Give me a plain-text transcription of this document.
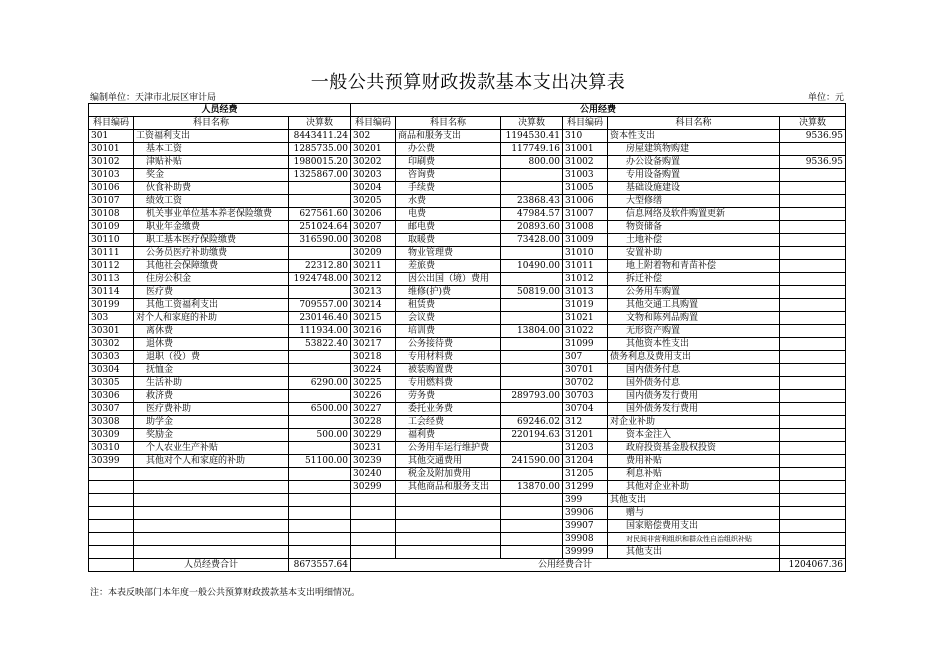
一般公共预算财政拨款基本支出决算表
编制单位：天津市北辰区审计局	单位：元
人员经费			公用经费					
科目编码	科目名称	决算数	科目编码	科目名称	决算数	科目编码	科目名称	决算数
301	工资福利支出	8443411.24	302	商品和服务支出	1194530.41	310	资本性支出	9536.95
30101	基本工资	1285735.00	30201	办公费	117749.16	31001	房屋建筑物购建	
30102	津贴补贴	1980015.20	30202	印刷费	800.00	31002	办公设备购置	9536.95
30103	奖金	1325867.00	30203	咨询费		31003	专用设备购置	
30106	伙食补助费		30204	手续费		31005	基础设施建设	
30107	绩效工资		30205	水费	23868.43	31006	大型修缮	
30108	机关事业单位基本养老保险缴费	627561.60	30206	电费	47984.57	31007	信息网络及软件购置更新	
30109	职业年金缴费	251024.64	30207	邮电费	20893.60	31008	物资储备	
30110	职工基本医疗保险缴费	316590.00	30208	取暖费	73428.00	31009	土地补偿	
30111	公务员医疗补助缴费		30209	物业管理费		31010	安置补助	
30112	其他社会保障缴费	22312.80	30211	差旅费	10490.00	31011	地上附着物和青苗补偿	
30113	住房公积金	1924748.00	30212	因公出国（境）费用		31012	拆迁补偿	
30114	医疗费		30213	维修(护)费	50819.00	31013	公务用车购置	
30199	其他工资福利支出	709557.00	30214	租赁费		31019	其他交通工具购置	
303	对个人和家庭的补助	230146.40	30215	会议费		31021	文物和陈列品购置	
30301	离休费	111934.00	30216	培训费	13804.00	31022	无形资产购置	
30302	退休费	53822.40	30217	公务接待费		31099	其他资本性支出	
30303	退职（役）费		30218	专用材料费		307	债务利息及费用支出	
30304	抚恤金		30224	被装购置费		30701	国内债务付息	
30305	生活补助	6290.00	30225	专用燃料费		30702	国外债务付息	
30306	救济费		30226	劳务费	289793.00	30703	国内债务发行费用	
30307	医疗费补助	6500.00	30227	委托业务费		30704	国外债务发行费用	
30308	助学金		30228	工会经费	69246.02	312	对企业补助	
30309	奖励金	500.00	30229	福利费	220194.63	31201	资本金注入	
30310	个人农业生产补贴		30231	公务用车运行维护费		31203	政府投资基金股权投资	
30399	其他对个人和家庭的补助	51100.00	30239	其他交通费用	241590.00	31204	费用补贴	
			30240	税金及附加费用		31205	利息补贴	
			30299	其他商品和服务支出	13870.00	31299	其他对企业补助	
						399	其他支出	
						39906	赠与	
						39907	国家赔偿费用支出	
						39908	对民间非营利组织和群众性自治组织补贴	
						39999	其他支出	
	人员经费合计	8673557.64	公用经费合计					1204067.36
注：本表反映部门本年度一般公共预算财政拨款基本支出明细情况。
